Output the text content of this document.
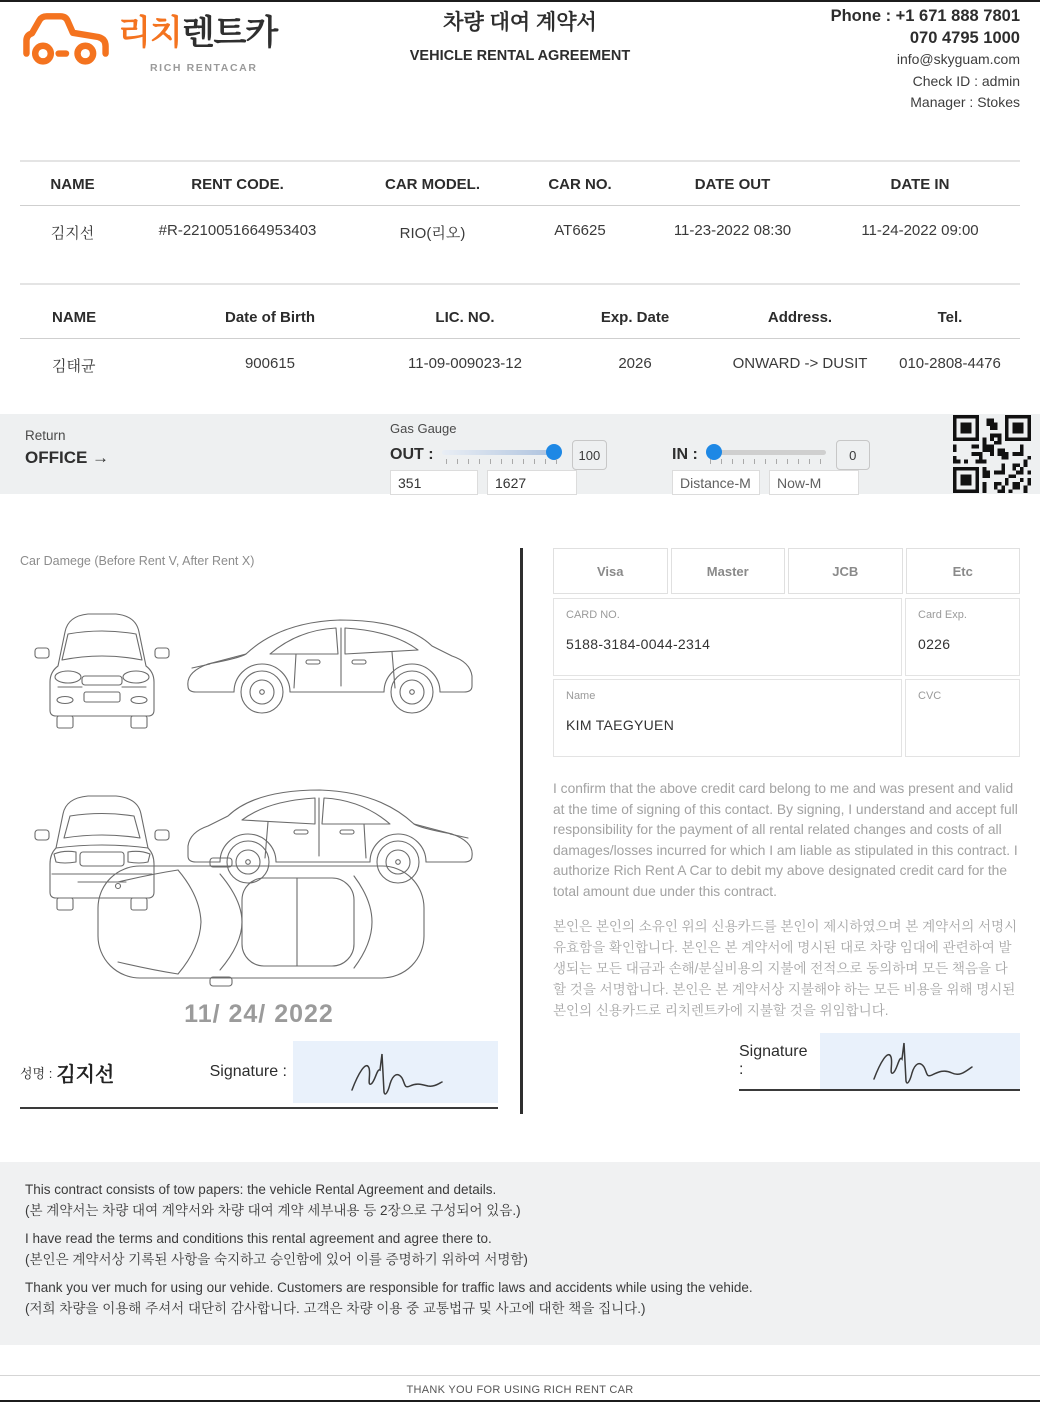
리치렌트카
RICH RENTACAR
차량 대여 계약서
VEHICLE RENTAL AGREEMENT
Phone : +1 671 888 7801
070 4795 1000
info@skyguam.com
Check ID : admin
Manager : Stokes
NAME	RENT CODE.	CAR MODEL.	CAR NO.	DATE OUT	DATE IN
김지선	#R-2210051664953403	RIO(리오)	AT6625	11-23-2022 08:30	11-24-2022 09:00
NAME	Date of Birth	LIC. NO.	Exp. Date	Address.	Tel.
김태균	900615	11-09-009023-12	2026	ONWARD -> DUSIT	010-2808-4476
Return
OFFICE →
Gas Gauge
OUT :	100
351
1627	IN :	0
Distance-M
Now-M
Car Damege (Before Rent V, After Rent X)
11/ 24/ 2022
성명 : 김지선	Signature :
Visa	Master	JCB	Etc
CARD NO.
5188-3184-0044-2314
Card Exp.
0226
Name
KIM TAEGYUEN
CVC
I confirm that the above credit card belong to me and was present and valid at the time of signing of this contact. By signing, I understand and accept full responsibility for the payment of all rental related changes and costs of all damages/losses incurred for which I am liable as stipulated in this contract. I authorize Rich Rent A Car to debit my above designated credit card for the total amount due under this contract.
본인은 본인의 소유인 위의 신용카드를 본인이 제시하였으며 본 계약서의 서명시 유효함을 확인합니다. 본인은 본 계약서에 명시된 대로 차량 임대에 관련하여 발생되는 모든 대금과 손해/분실비용의 지불에 전적으로 동의하며 모든 책음을 다할 것을 서명합니다. 본인은 본 계약서상 지불해야 하는 모든 비용을 위해 명시된 본인의 신용카드로 리치렌트카에 지불할 것을 위임합니다.
Signature :
This contract consists of tow papers: the vehicle Rental Agreement and details.
(본 계약서는 차량 대여 계약서와 차량 대여 계약 세부내용 등 2장으로 구성되어 있음.)
I have read the terms and conditions this rental agreement and agree there to.
(본인은 계약서상 기록된 사항을 숙지하고 승인함에 있어 이를 증명하기 위하여 서명함)
Thank you ver much for using our vehide. Customers are responsible for traffic laws and accidents while using the vehide.
(저희 차량을 이용해 주셔서 대단히 감사합니다. 고객은 차량 이용 중 교통법규 및 사고에 대한 책을 집니다.)
THANK YOU FOR USING RICH RENT CAR
